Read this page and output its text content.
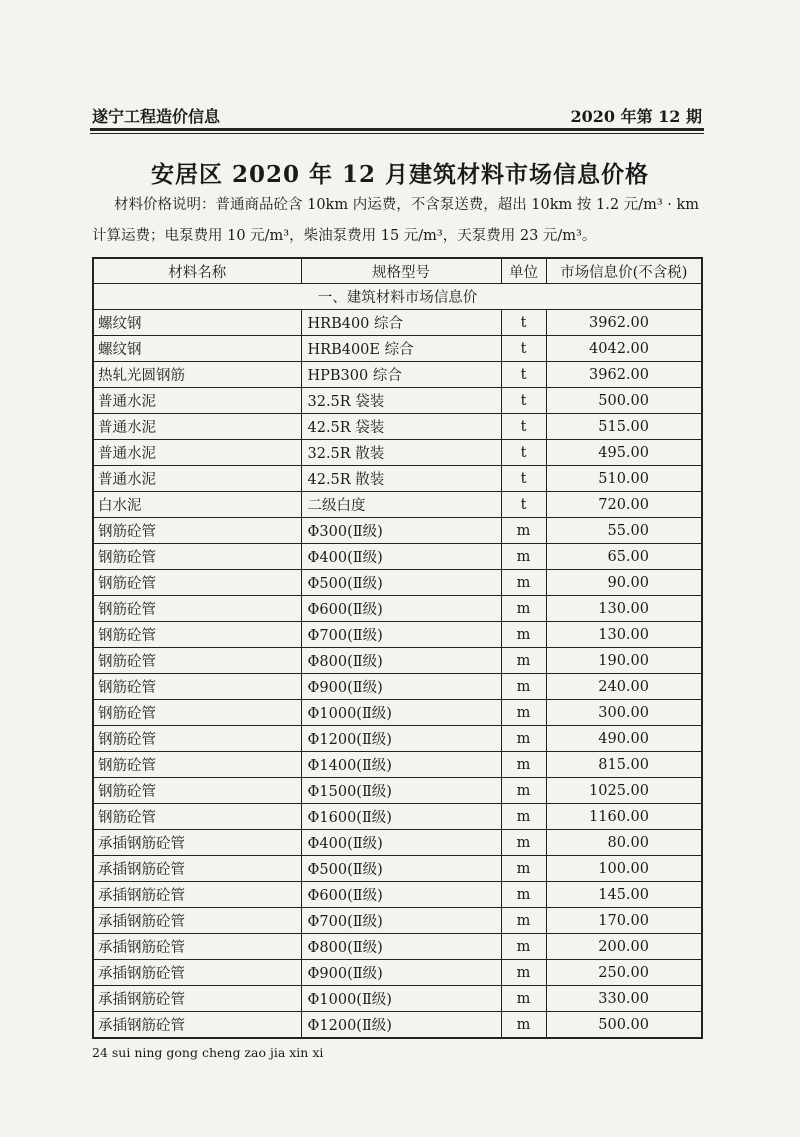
遂宁工程造价信息	2020 年第 12 期
安居区 2020 年 12 月建筑材料市场信息价格
材料价格说明：普通商品砼含 10km 内运费，不含泵送费，超出 10km 按 1.2 元/m³ · km
计算运费；电泵费用 10 元/m³，柴油泵费用 15 元/m³，天泵费用 23 元/m³。
材料名称	规格型号	单位	市场信息价(不含税)
一、建筑材料市场信息价			
螺纹钢	HRB400 综合	t	3962.00
螺纹钢	HRB400E 综合	t	4042.00
热轧光圆钢筋	HPB300 综合	t	3962.00
普通水泥	32.5R 袋装	t	500.00
普通水泥	42.5R 袋装	t	515.00
普通水泥	32.5R 散装	t	495.00
普通水泥	42.5R 散装	t	510.00
白水泥	二级白度	t	720.00
钢筋砼管	Φ300(Ⅱ级)	m	55.00
钢筋砼管	Φ400(Ⅱ级)	m	65.00
钢筋砼管	Φ500(Ⅱ级)	m	90.00
钢筋砼管	Φ600(Ⅱ级)	m	130.00
钢筋砼管	Φ700(Ⅱ级)	m	130.00
钢筋砼管	Φ800(Ⅱ级)	m	190.00
钢筋砼管	Φ900(Ⅱ级)	m	240.00
钢筋砼管	Φ1000(Ⅱ级)	m	300.00
钢筋砼管	Φ1200(Ⅱ级)	m	490.00
钢筋砼管	Φ1400(Ⅱ级)	m	815.00
钢筋砼管	Φ1500(Ⅱ级)	m	1025.00
钢筋砼管	Φ1600(Ⅱ级)	m	1160.00
承插钢筋砼管	Φ400(Ⅱ级)	m	80.00
承插钢筋砼管	Φ500(Ⅱ级)	m	100.00
承插钢筋砼管	Φ600(Ⅱ级)	m	145.00
承插钢筋砼管	Φ700(Ⅱ级)	m	170.00
承插钢筋砼管	Φ800(Ⅱ级)	m	200.00
承插钢筋砼管	Φ900(Ⅱ级)	m	250.00
承插钢筋砼管	Φ1000(Ⅱ级)	m	330.00
承插钢筋砼管	Φ1200(Ⅱ级)	m	500.00
24 sui ning gong cheng zao jia xin xi
